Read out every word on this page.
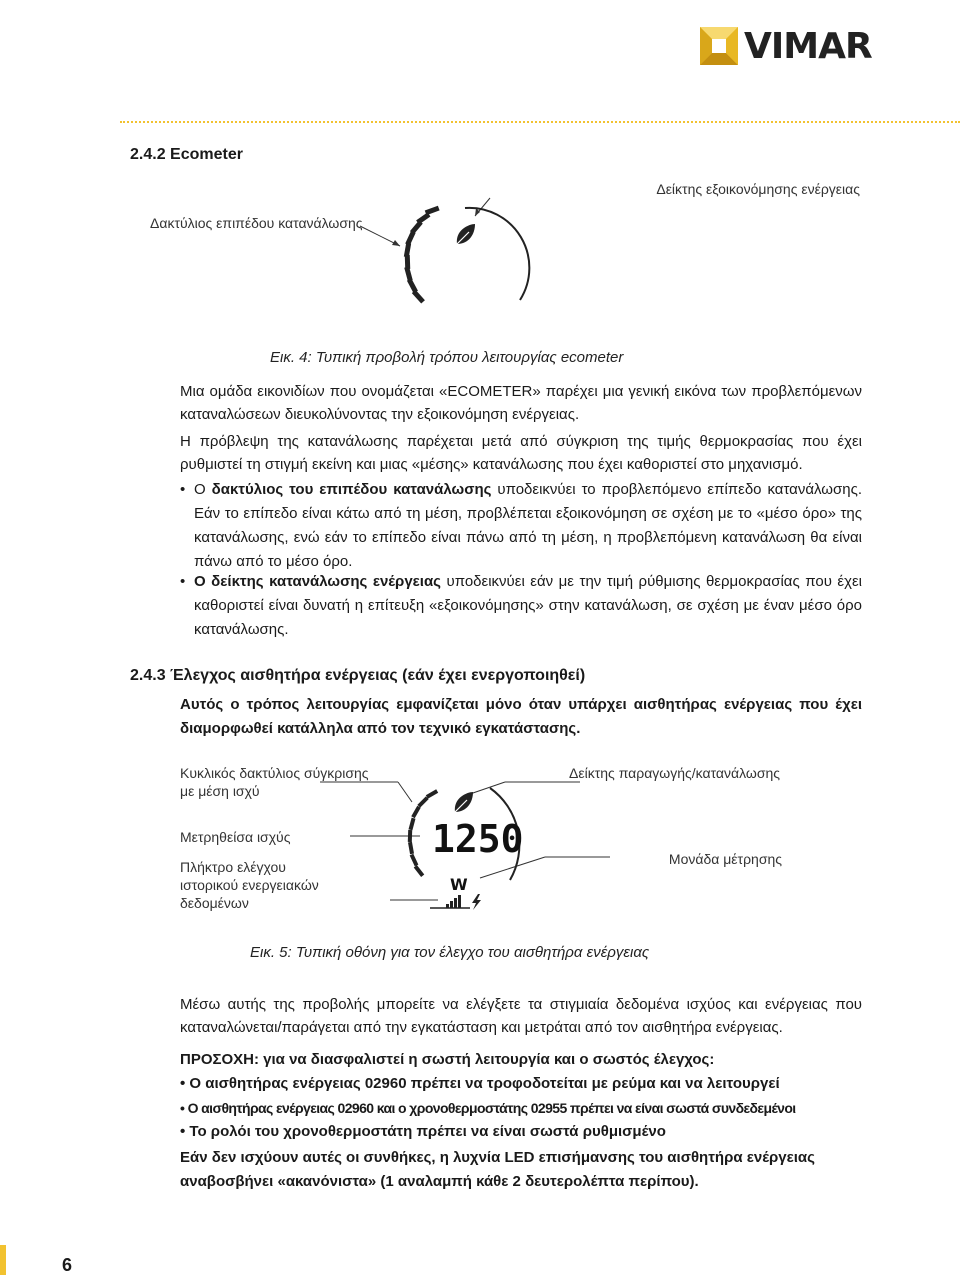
VIMAR
2.4.2 Ecometer
Δείκτης εξοικονόμησης ενέργειας
Δακτύλιος επιπέδου κατανάλωσης
Εικ. 4: Τυπική προβολή τρόπου λειτουργίας ecometer
Μια ομάδα εικονιδίων που ονομάζεται «ECOMETER» παρέχει μια γενική εικόνα των προβλεπόμενων καταναλώσεων διευκολύνοντας την εξοικονόμηση ενέργειας.
Η πρόβλεψη της κατανάλωσης παρέχεται μετά από σύγκριση της τιμής θερμοκρασίας που έχει ρυθμιστεί τη στιγμή εκείνη και μιας «μέσης» κατανάλωσης που έχει καθοριστεί στο μηχανισμό.
• Ο δακτύλιος του επιπέδου κατανάλωσης υποδεικνύει το προβλεπόμενο επίπεδο κατανάλωσης. Εάν το επίπεδο είναι κάτω από τη μέση, προβλέπεται εξοικονόμηση σε σχέση με το «μέσο όρο» της κατανάλωσης, ενώ εάν το επίπεδο είναι πάνω από τη μέση, η προβλεπόμενη κατανάλωση θα είναι πάνω από το μέσο όρο.
• Ο δείκτης κατανάλωσης ενέργειας υποδεικνύει εάν με την τιμή ρύθμισης θερμοκρασίας που έχει καθοριστεί είναι δυνατή η επίτευξη «εξοικονόμησης» στην κατανάλωση, σε σχέση με έναν μέσο όρο κατανάλωσης.
2.4.3 Έλεγχος αισθητήρα ενέργειας (εάν έχει ενεργοποιηθεί)
Αυτός ο τρόπος λειτουργίας εμφανίζεται μόνο όταν υπάρχει αισθητήρας ενέργειας που έχει διαμορφωθεί κατάλληλα από τον τεχνικό εγκατάστασης.
Κυκλικός δακτύλιος σύγκρισης με μέση ισχύ
Μετρηθείσα ισχύς
Πλήκτρο ελέγχου ιστορικού ενεργειακών δεδομένων
Δείκτης παραγωγής/κατανάλωσης
Μονάδα μέτρησης
1250
W
Εικ. 5: Τυπική οθόνη για τον έλεγχο του αισθητήρα ενέργειας
Μέσω αυτής της προβολής μπορείτε να ελέγξετε τα στιγμιαία δεδομένα ισχύος και ενέργειας που καταναλώνεται/παράγεται από την εγκατάσταση και μετράται από τον αισθητήρα ενέργειας.
ΠΡΟΣΟΧΗ: για να διασφαλιστεί η σωστή λειτουργία και ο σωστός έλεγχος:
• Ο αισθητήρας ενέργειας 02960 πρέπει να τροφοδοτείται με ρεύμα και να λειτουργεί
• Ο αισθητήρας ενέργειας 02960 και ο χρονοθερμοστάτης 02955 πρέπει να είναι σωστά συνδεδεμένοι
• Το ρολόι του χρονοθερμοστάτη πρέπει να είναι σωστά ρυθμισμένο
Εάν δεν ισχύουν αυτές οι συνθήκες, η λυχνία LED επισήμανσης του αισθητήρα ενέργειας αναβοσβήνει «ακανόνιστα» (1 αναλαμπή κάθε 2 δευτερολέπτα περίπου).
6
